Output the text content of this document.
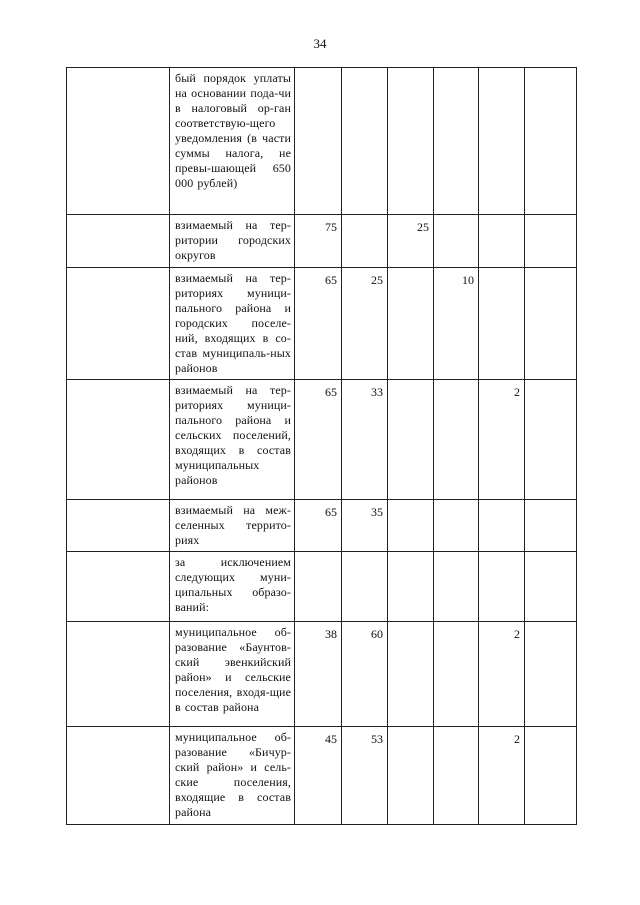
34
	бый порядок уплаты на основании пода-чи в налоговый ор-ган соответствую-щего уведомления (в части суммы налога, не превы-шающей 650 000 рублей)						
	взимаемый на тер-ритории городских округов	75		25			
	взимаемый на тер-риториях муници-пального района и городских поселе-ний, входящих в со-став муниципаль-ных районов	65	25		10		
	взимаемый на тер-риториях муници-пального района и сельских поселений, входящих в состав муниципальных районов	65	33			2	
	взимаемый на меж-селенных террито-риях	65	35				
	за исключением следующих муни-ципальных образо-ваний:						
	муниципальное об-разование «Баунтов-ский эвенкийский район» и сельские поселения, входя-щие в состав района	38	60			2	
	муниципальное об-разование «Бичур-ский район» и сель-ские поселения, входящие в состав района	45	53			2	
